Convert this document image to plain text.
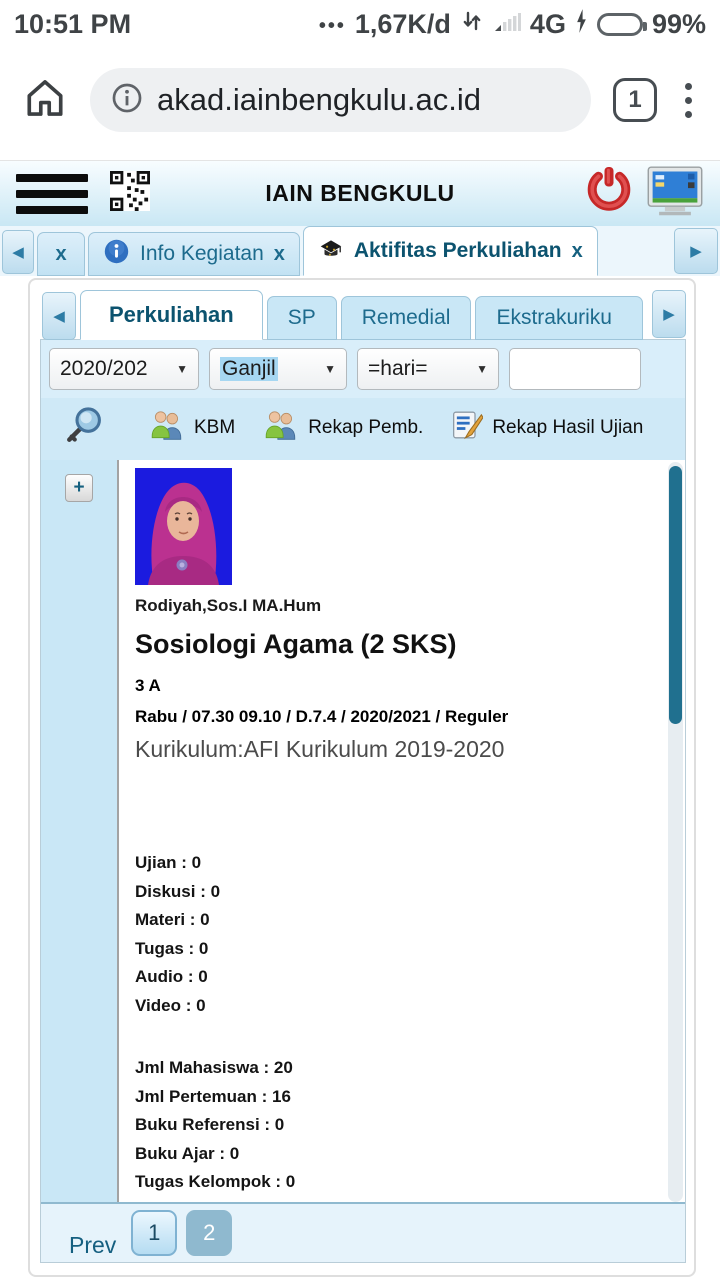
10:51 PM	••• 1,67K/d	4G	99%
akad.iainbengkulu.ac.id	1
IAIN BENGKULU
◀ x	Info Kegiatan x	Aktifitas Perkuliahan x	▶
◀	Perkuliahan	SP	Remedial	Ekstrakuriku	▶
2020/202 ▼ Ganjil	▼ =hari=	▼
KBM	Rekap Pemb.	Rekap Hasil Ujian
+
Rodiyah,Sos.I MA.Hum
Sosiologi Agama (2 SKS)
3 A
Rabu / 07.30 09.10 / D.7.4 / 2020/2021 / Reguler
Kurikulum:AFI Kurikulum 2019-2020
Ujian : 0
Diskusi : 0
Materi : 0
Tugas : 0
Audio : 0
Video : 0
Jml Mahasiswa : 20
Jml Pertemuan : 16
Buku Referensi : 0
Buku Ajar : 0
Tugas Kelompok : 0
Prev	1	2
